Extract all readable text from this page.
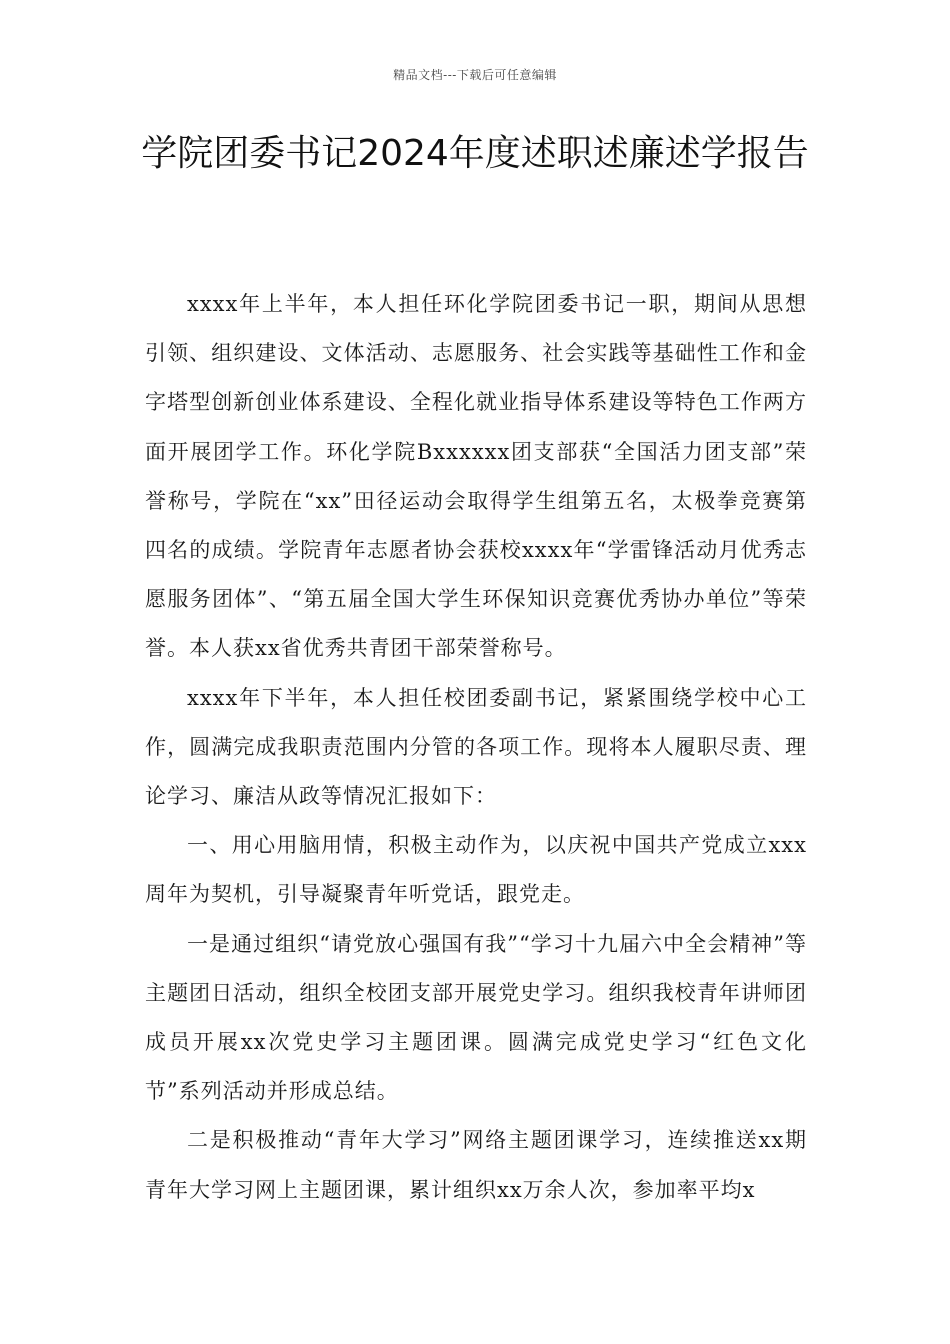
精品文档---下载后可任意编辑
学院团委书记2024年度述职述廉述学报告

xxxx年上半年，本人担任环化学院团委书记一职，期间从思想引领、组织建设、文体活动、志愿服务、社会实践等基础性工作和金字塔型创新创业体系建设、全程化就业指导体系建设等特色工作两方面开展团学工作。环化学院Bxxxxxx团支部获“全国活力团支部”荣誉称号，学院在“xx”田径运动会取得学生组第五名，太极拳竞赛第四名的成绩。学院青年志愿者协会获校xxxx年“学雷锋活动月优秀志愿服务团体”、“第五届全国大学生环保知识竞赛优秀协办单位”等荣誉。本人获xx省优秀共青团干部荣誉称号。

xxxx年下半年，本人担任校团委副书记，紧紧围绕学校中心工作，圆满完成我职责范围内分管的各项工作。现将本人履职尽责、理论学习、廉洁从政等情况汇报如下：

一、用心用脑用情，积极主动作为，以庆祝中国共产党成立xxx周年为契机，引导凝聚青年听党话，跟党走。

一是通过组织“请党放心强国有我”“学习十九届六中全会精神”等主题团日活动，组织全校团支部开展党史学习。组织我校青年讲师团成员开展xx次党史学习主题团课。圆满完成党史学习“红色文化节”系列活动并形成总结。

二是积极推动“青年大学习”网络主题团课学习，连续推送xx期青年大学习网上主题团课，累计组织xx万余人次，参加率平均x
